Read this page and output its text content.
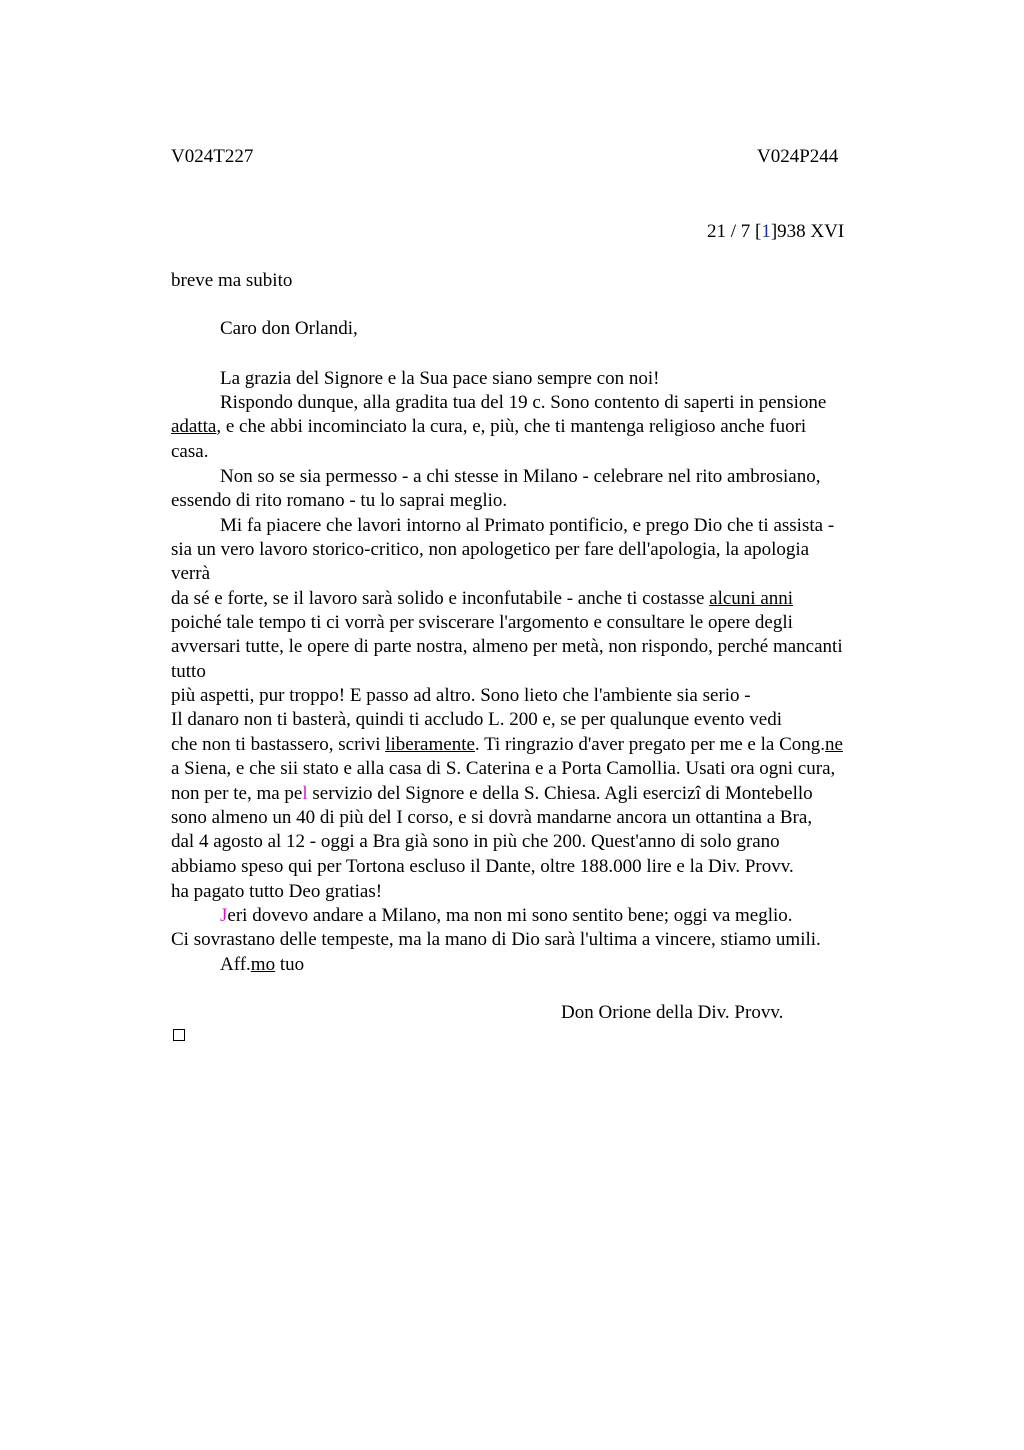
V024T227	V024P244
21 / 7 [1]938 XVI
breve ma subito
Caro don Orlandi,
La grazia del Signore e la Sua pace siano sempre con noi!
Rispondo dunque, alla gradita tua del 19 c. Sono contento di saperti in pensione
adatta, e che abbi incominciato la cura, e, più, che ti mantenga religioso anche fuori
casa.
Non so se sia permesso - a chi stesse in Milano - celebrare nel rito ambrosiano,
essendo di rito romano - tu lo saprai meglio.
Mi fa piacere che lavori intorno al Primato pontificio, e prego Dio che ti assista -
sia un vero lavoro storico-critico, non apologetico per fare dell'apologia, la apologia
verrà
da sé e forte, se il lavoro sarà solido e inconfutabile - anche ti costasse alcuni anni
poiché tale tempo ti ci vorrà per sviscerare l'argomento e consultare le opere degli
avversari tutte, le opere di parte nostra, almeno per metà, non rispondo, perché mancanti
tutto
più aspetti, pur troppo! E passo ad altro. Sono lieto che l'ambiente sia serio -
Il danaro non ti basterà, quindi ti accludo L. 200 e, se per qualunque evento vedi
che non ti bastassero, scrivi liberamente. Ti ringrazio d'aver pregato per me e la Cong.ne
a Siena, e che sii stato e alla casa di S. Caterina e a Porta Camollia. Usati ora ogni cura,
non per te, ma pel servizio del Signore e della S. Chiesa. Agli esercizi di Montebello
sono almeno un 40 di più del I corso, e si dovrà mandarne ancora un ottantina a Bra,
dal 4 agosto al 12 - oggi a Bra già sono in più che 200. Quest'anno di solo grano
abbiamo speso qui per Tortona escluso il Dante, oltre 188.000 lire e la Div. Provv.
ha pagato tutto Deo gratias!
Jeri dovevo andare a Milano, ma non mi sono sentito bene; oggi va meglio.
Ci sovrastano delle tempeste, ma la mano di Dio sarà l'ultima a vincere, stiamo umili.
Aff.mo tuo
Don Orione della Div. Provv.
